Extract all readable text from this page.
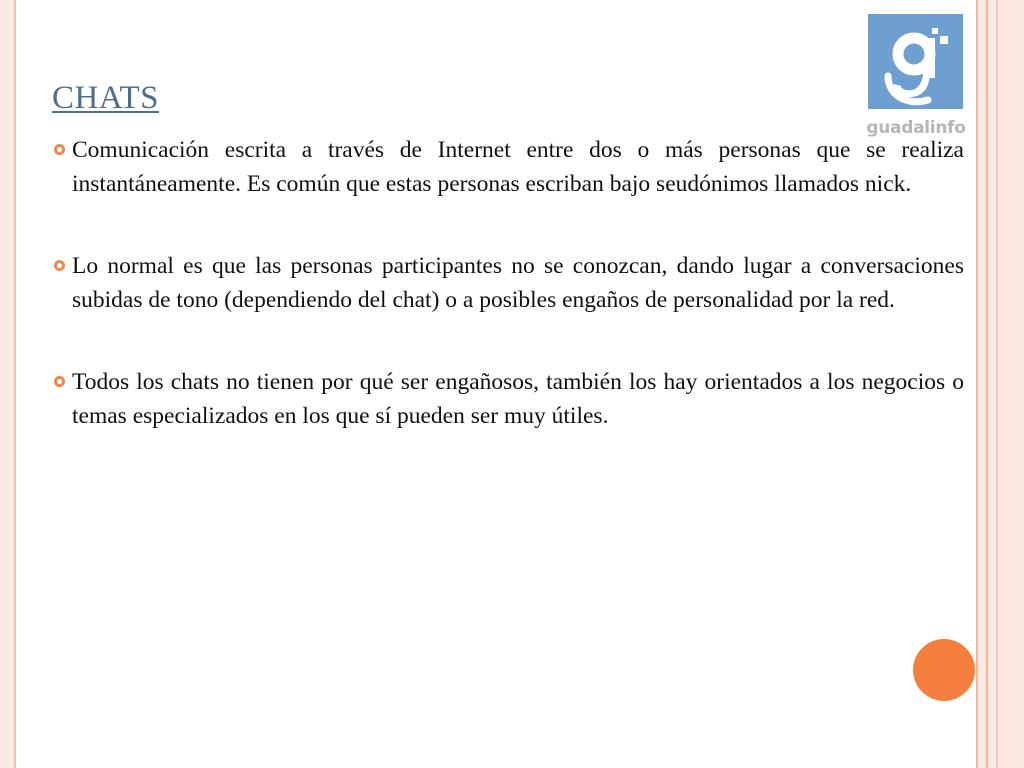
CHATS
guadalinfo
Comunicación escrita a través de Internet entre dos o más personas que se realiza instantáneamente. Es común que estas personas escriban bajo seudónimos llamados nick.
Lo normal es que las personas participantes no se conozcan, dando lugar a conversaciones subidas de tono (dependiendo del chat) o a posibles engaños de personalidad por la red.
Todos los chats no tienen por qué ser engañosos, también los hay orientados a los negocios o temas especializados en los que sí pueden ser muy útiles.
